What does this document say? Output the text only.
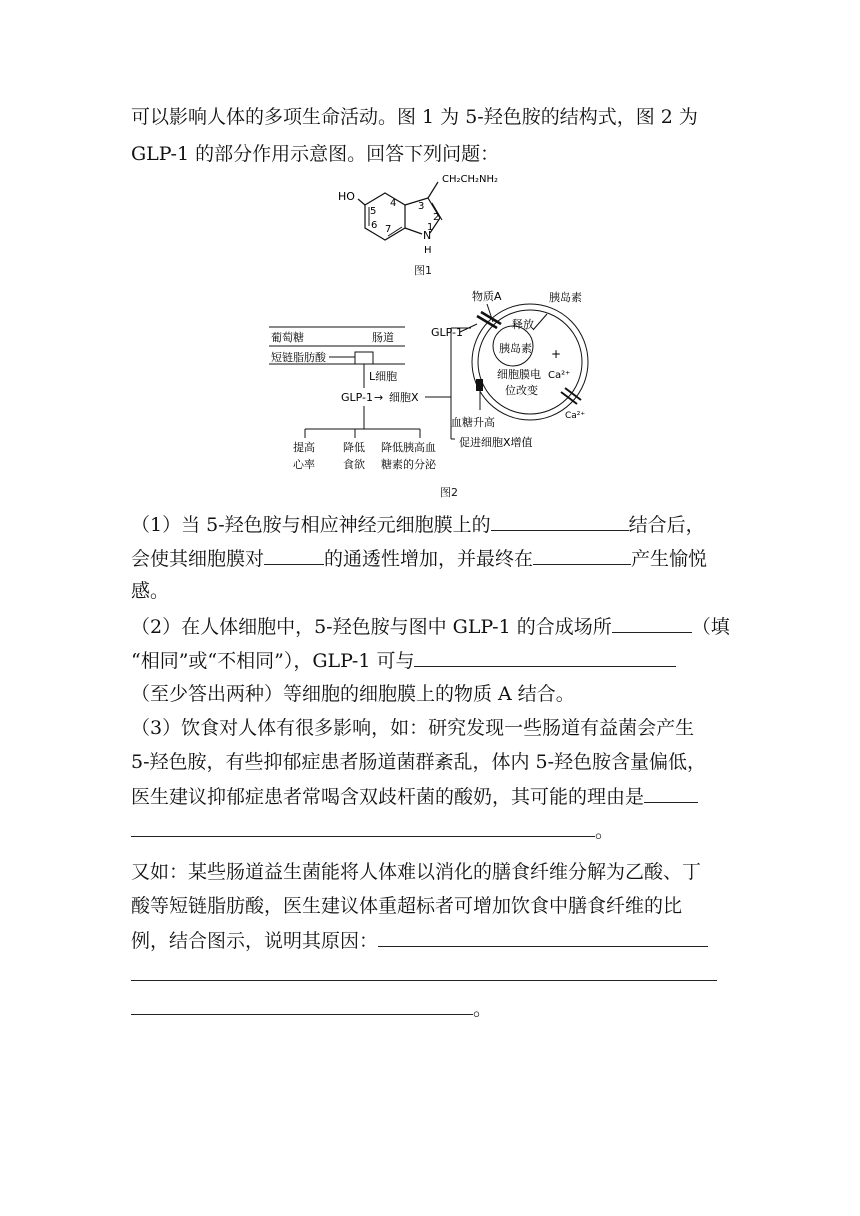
可以影响人体的多项生命活动。图 1 为 5-羟色胺的结构式，图 2 为
GLP-1 的部分作用示意图。回答下列问题：
HO
CH₂CH₂NH₂
N
H
1
2
3
4
5
6 7
图1
葡萄糖	肠道
短链脂肪酸
L细胞
GLP-1 → 细胞X
提高
心率
降低
食欲
降低胰高血
糖素的分泌
物质A	胰岛素
GLP-1
释放
胰岛素 +
细胞膜电
位改变
Ca²⁺
Ca²⁺
血糖升高
促进细胞X增值
图2
（1）当 5-羟色胺与相应神经元细胞膜上的	结合后，
会使其细胞膜对	的通透性增加，并最终在	产生愉悦
感。
（2）在人体细胞中，5-羟色胺与图中 GLP-1 的合成场所	（填
“相同”或“不相同”），GLP-1 可与
（至少答出两种）等细胞的细胞膜上的物质 A 结合。
（3）饮食对人体有很多影响，如：研究发现一些肠道有益菌会产生
5-羟色胺，有些抑郁症患者肠道菌群紊乱，体内 5-羟色胺含量偏低，
医生建议抑郁症患者常喝含双歧杆菌的酸奶，其可能的理由是
。
又如：某些肠道益生菌能将人体难以消化的膳食纤维分解为乙酸、丁
酸等短链脂肪酸，医生建议体重超标者可增加饮食中膳食纤维的比
例，结合图示，说明其原因：
。
